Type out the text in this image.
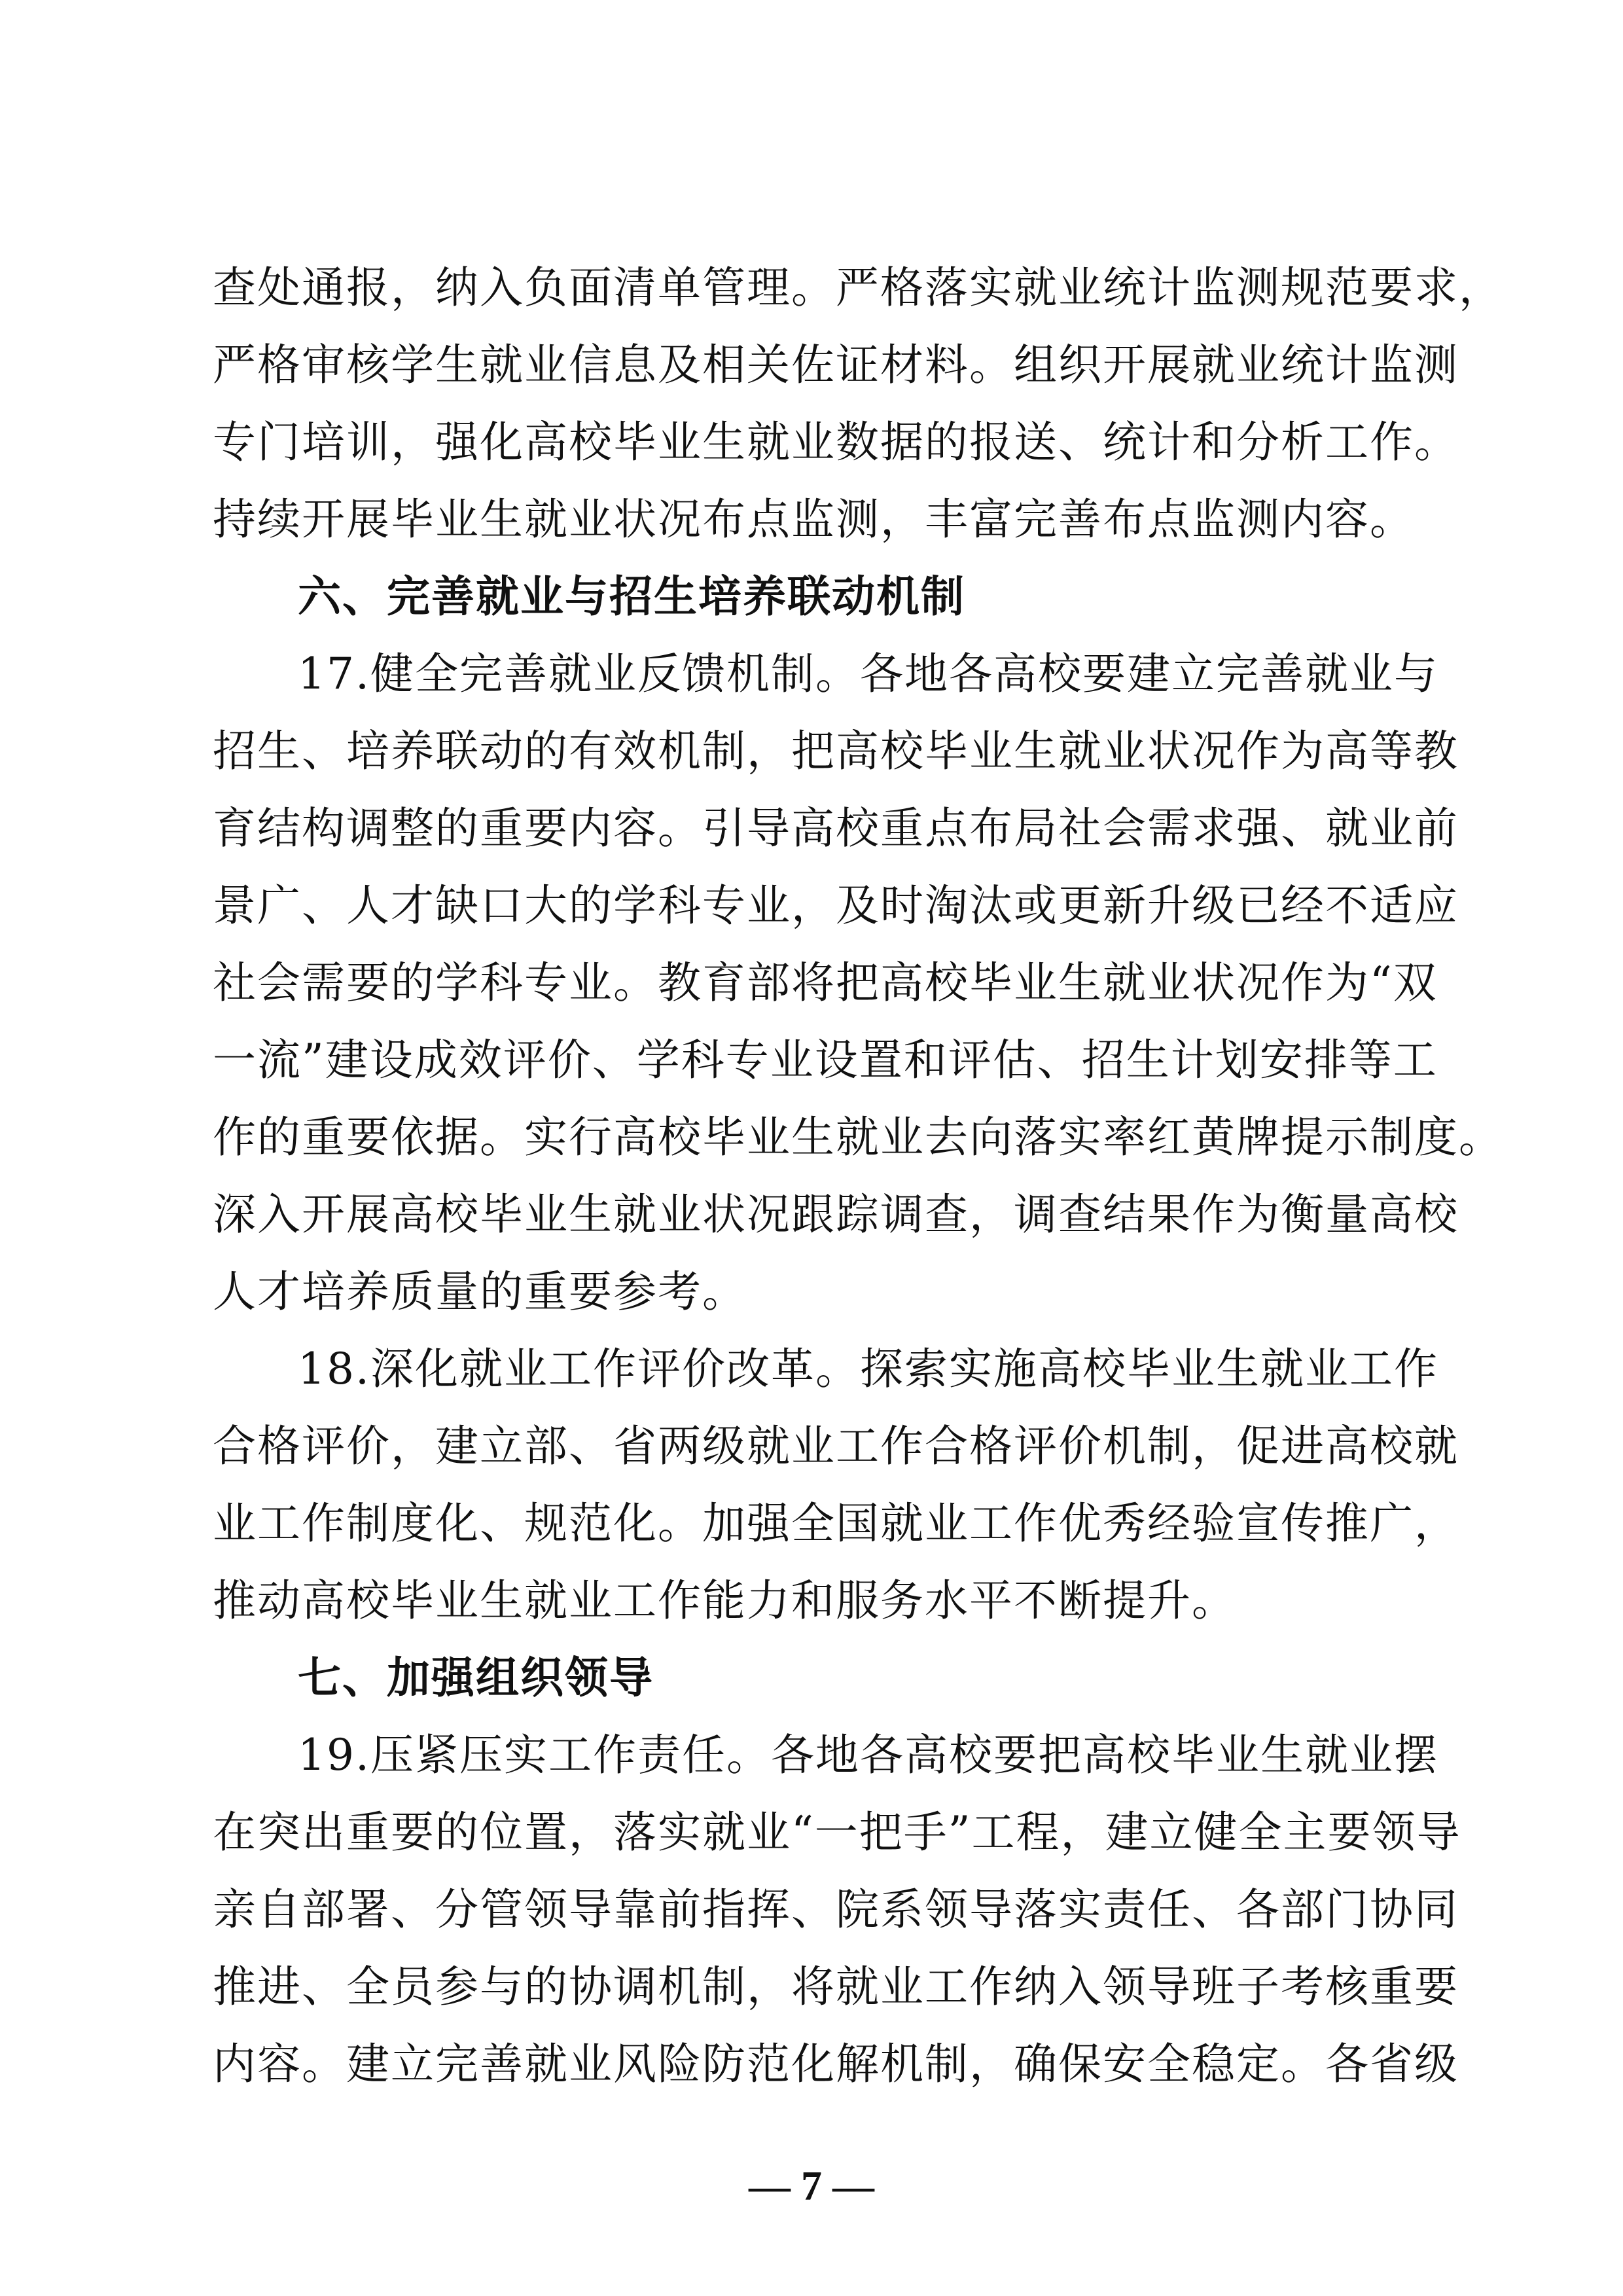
查处通报，纳入负面清单管理。严格落实就业统计监测规范要求，
严格审核学生就业信息及相关佐证材料。组织开展就业统计监测
专门培训，强化高校毕业生就业数据的报送、统计和分析工作。
持续开展毕业生就业状况布点监测，丰富完善布点监测内容。
六、完善就业与招生培养联动机制
17.健全完善就业反馈机制。各地各高校要建立完善就业与
招生、培养联动的有效机制，把高校毕业生就业状况作为高等教
育结构调整的重要内容。引导高校重点布局社会需求强、就业前
景广、人才缺口大的学科专业，及时淘汰或更新升级已经不适应
社会需要的学科专业。教育部将把高校毕业生就业状况作为“双
一流”建设成效评价、学科专业设置和评估、招生计划安排等工
作的重要依据。实行高校毕业生就业去向落实率红黄牌提示制度。
深入开展高校毕业生就业状况跟踪调查，调查结果作为衡量高校
人才培养质量的重要参考。
18.深化就业工作评价改革。探索实施高校毕业生就业工作
合格评价，建立部、省两级就业工作合格评价机制，促进高校就
业工作制度化、规范化。加强全国就业工作优秀经验宣传推广，
推动高校毕业生就业工作能力和服务水平不断提升。
七、加强组织领导
19.压紧压实工作责任。各地各高校要把高校毕业生就业摆
在突出重要的位置，落实就业“一把手”工程，建立健全主要领导
亲自部署、分管领导靠前指挥、院系领导落实责任、各部门协同
推进、全员参与的协调机制，将就业工作纳入领导班子考核重要
内容。建立完善就业风险防范化解机制，确保安全稳定。各省级
— 7 —
